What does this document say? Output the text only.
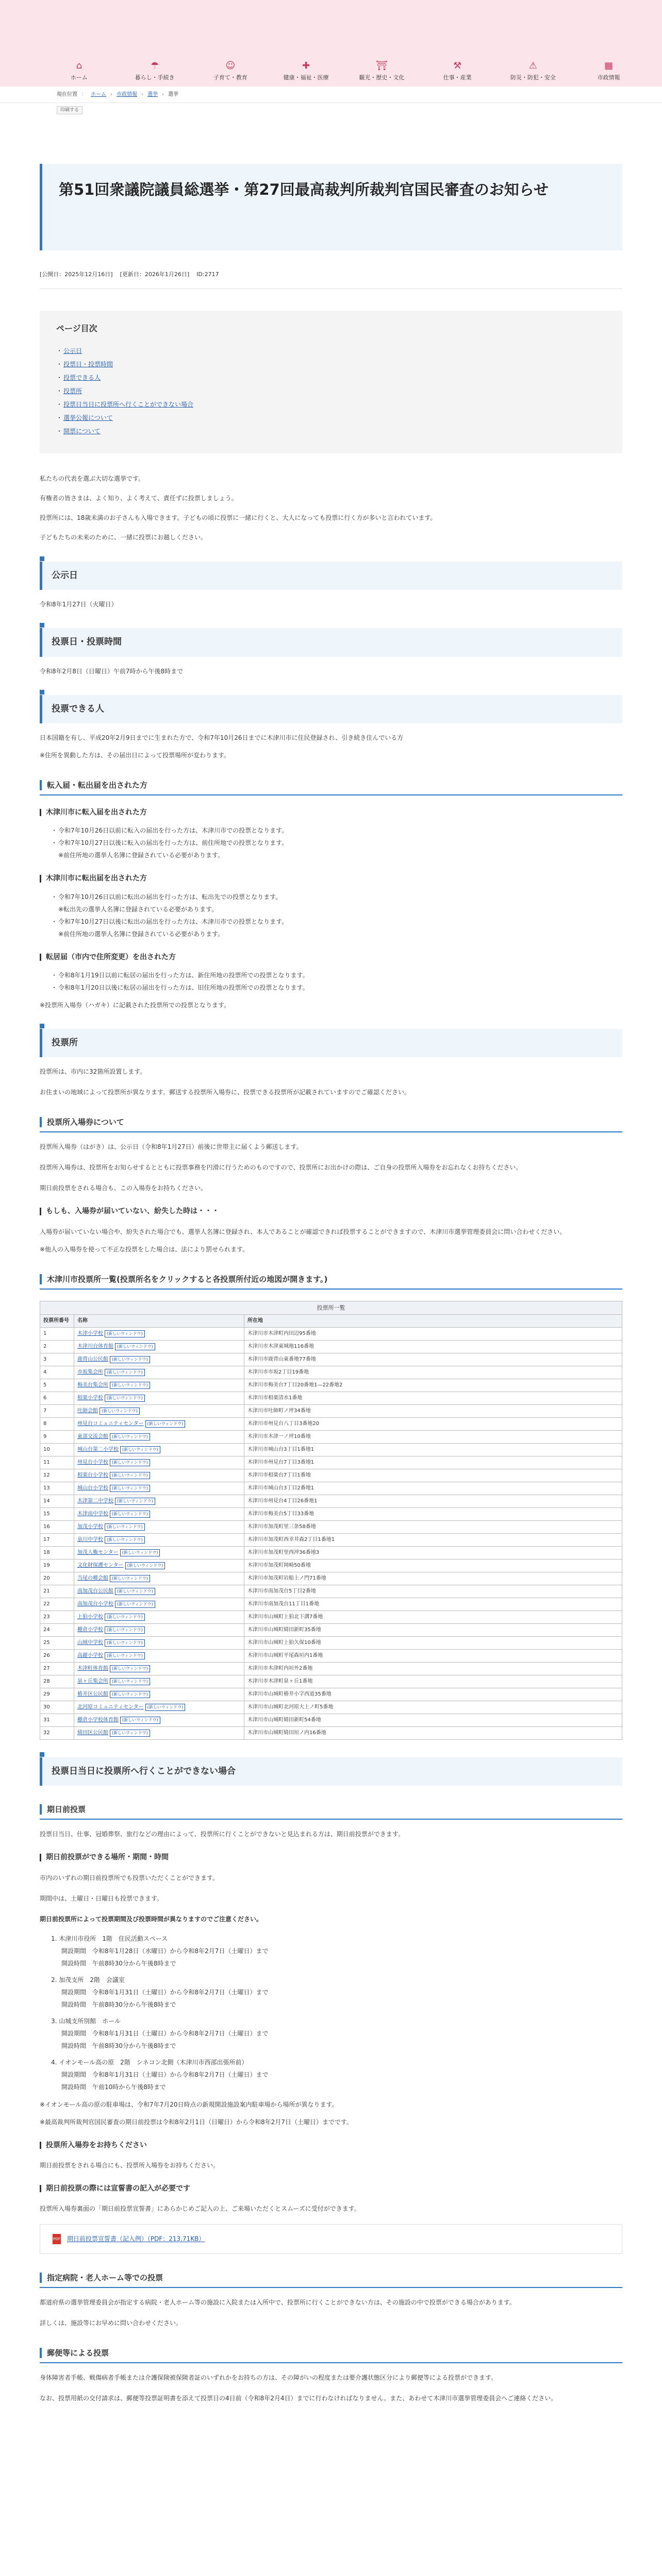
⌂
ホーム
☂
暮らし・手続き
☺
子育て・教育
✚
健康・福祉・医療
⛩
観光・歴史・文化
⚒
仕事・産業
⚠
防災・防犯・安全
▦
市政情報
現在位置 ： ホーム › 市政情報 › 選挙 › 選挙
印刷する
第51回衆議院議員総選挙・第27回最高裁判所裁判官国民審査のお知らせ
[公開日：2025年12月16日] [更新日：2026年1月26日] ID:2717
ページ目次
・ 公示日
・ 投票日・投票時間
・ 投票できる人
・ 投票所
・ 投票日当日に投票所へ行くことができない場合
・ 選挙公報について
・ 開票について

私たちの代表を選ぶ大切な選挙です。

有権者の皆さまは、よく知り、よく考えて、責任ずに投票しましょう。

投票所には、18歳未満のお子さんも入場できます。子どもの頃に投票に一緒に行くと、大人になっても投票に行く方が多いと言われています。

子どもたちの未来のために、一緒に投票にお越しください。

公示日

令和8年1月27日（火曜日）

投票日・投票時間

令和8年2月8日（日曜日）午前7時から午後8時まで

投票できる人

日本国籍を有し、平成20年2月9日までに生まれた方で、令和7年10月26日までに木津川市に住民登録され、引き続き住んでいる方

※住所を異動した方は、その届出日によって投票場所が変わります。

転入届・転出届を出された方
木津川市に転入届を出された方
・ 令和7年10月26日以前に転入の届出を行った方は、木津川市での投票となります。
・ 令和7年10月27日以後に転入の届出を行った方は、前住所地での投票となります。
※前住所地の選挙人名簿に登録されている必要があります。
木津川市に転出届を出された方
・ 令和7年10月26日以前に転出の届出を行った方は、転出先での投票となります。
※転出先の選挙人名簿に登録されている必要があります。
・ 令和7年10月27日以後に転出の届出を行った方は、木津川市での投票となります。
※前住所地の選挙人名簿に登録されている必要があります。
転居届（市内で住所変更）を出された方
・ 令和8年1月19日以前に転居の届出を行った方は、新住所地の投票所での投票となります。
・ 令和8年1月20日以後に転居の届出を行った方は、旧住所地の投票所での投票となります。

※投票所入場券（ハガキ）に記載された投票所での投票となります。

投票所

投票所は、市内に32箇所設置します。

お住まいの地域によって投票所が異なります。郵送する投票所入場券に、投票できる投票所が記載されていますのでご確認ください。

投票所入場券について

投票所入場券（はがき）は、公示日（令和8年1月27日）前後に世帯主に届くよう郵送します。

投票所入場券は、投票所をお知らせするとともに投票事務を円滑に行うためのものですので、投票所にお出かけの際は、ご自身の投票所入場券をお忘れなくお持ちください。

期日前投票をされる場合も、この入場券をお持ちください。

もしも、入場券が届いていない、紛失した時は・・・

入場券が届いていない場合や、紛失された場合でも、選挙人名簿に登録され、本人であることが確認できれば投票することができますので、木津川市選挙管理委員会に問い合わせください。

※他人の入場券を使って不正な投票をした場合は、法により罰せられます。

木津川市投票所一覧(投票所名をクリックすると各投票所付近の地図が開きます。)
投票所一覧
投票所番号	名称	所在地
1	木津小学校 (新しいウィンドウ)	木津川市木津町内田辺95番地
2	木津川台体育館 (新しいウィンドウ)	木津川市木津東城地116番地
3	鹿背山公民館 (新しいウィンドウ)	木津川市鹿背山東番地77番地
4	市坂集会所 (新しいウィンドウ)	木津川市市坂2丁目19番地
5	梅美台集会所 (新しいウィンドウ)	木津川市梅美台7丁目20番地1—22番地2
6	相楽小学校 (新しいウィンドウ)	木津川市相楽清水1番地
7	吐師会館 (新しいウィンドウ)	木津川市吐師町ノ坪34番地
8	州見台コミュニティセンター (新しいウィンドウ)	木津川市州見台八丁目3番地20
9	東部交流会館 (新しいウィンドウ)	木津川市木津一ノ坪10番地
10	城山台第二小学校 (新しいウィンドウ)	木津川市城山台3丁目1番地1
11	州見台小学校 (新しいウィンドウ)	木津川市州見台7丁目3番地1
12	相楽台小学校 (新しいウィンドウ)	木津川市相楽台7丁目1番地
13	城山台小学校 (新しいウィンドウ)	木津川市城山台3丁目2番地1
14	木津第二中学校 (新しいウィンドウ)	木津川市州見台4丁目26番地1
15	木津南中学校 (新しいウィンドウ)	木津川市梅美台5丁目33番地
16	加茂小学校 (新しいウィンドウ)	木津川市加茂町里三条58番地
17	泉川中学校 (新しいウィンドウ)	木津川市加茂町西幸井森2丁目1番地1
18	加茂人権センター (新しいウィンドウ)	木津川市加茂町里西沖36番地3
19	文化財保護センター (新しいウィンドウ)	木津川市加茂町岡崎50番地
20	当尾の郷会館 (新しいウィンドウ)	木津川市加茂町岩船上ノ門71番地
21	南加茂台公民館 (新しいウィンドウ)	木津川市南加茂台5丁目2番地
22	南加茂台小学校 (新しいウィンドウ)	木津川市南加茂台11丁目1番地
23	上狛小学校 (新しいウィンドウ)	木津川市山城町上狛北下溝7番地
24	棚倉小学校 (新しいウィンドウ)	木津川市山城町綺田新町35番地
25	山城中学校 (新しいウィンドウ)	木津川市山城町上狛久保10番地
26	高麗小学校 (新しいウィンドウ)	木津川市山城町平尾森垣内1番地
27	木津町体育館 (新しいウィンドウ)	木津川市木津町内垣外2番地
28	泉ヶ丘集会所 (新しいウィンドウ)	木津川市木津町泉ヶ丘1番地
29	椿井区公民館 (新しいウィンドウ)	木津川市山城町椿井小字西道35番地
30	北河原コミュニティセンター (新しいウィンドウ)	木津川市山城町北河原大上ノ町5番地
31	棚倉小学校体育館 (新しいウィンドウ)	木津川市山城町綺田新町54番地
32	綺田区公民館 (新しいウィンドウ)	木津川市山城町綺田垣ノ内16番地
投票日当日に投票所へ行くことができない場合
期日前投票

投票日当日、仕事、冠婚葬祭、旅行などの理由によって、投票所に行くことができないと見込まれる方は、期日前投票ができます。

期日前投票ができる場所・期間・時間

市内のいずれの期日前投票所でも投票いただくことができます。

期間中は、土曜日・日曜日も投票できます。

期日前投票所によって投票期間及び投票時間が異なりますのでご注意ください。

1. 木津川市役所　1階　住民活動スペース

開設期間　令和8年1月28日（水曜日）から令和8年2月7日（土曜日）まで
開設時間　午前8時30分から午後8時まで
2. 加茂支所　2階　会議室

開設期間　令和8年1月31日（土曜日）から令和8年2月7日（土曜日）まで
開設時間　午前8時30分から午後8時まで
3. 山城支所別館　ホール

開設期間　令和8年1月31日（土曜日）から令和8年2月7日（土曜日）まで
開設時間　午前8時30分から午後8時まで
4. イオンモール高の原　2階　シネコン北側（木津川市西部出張所前）

開設期間　令和8年1月31日（土曜日）から令和8年2月7日（土曜日）まで
開設時間　午前10時から午後8時まで

※イオンモール高の原の駐車場は、令和7年7月20日時点の新規開設施設案内駐車場から場所が異なります。

※最高裁判所裁判官国民審査の期日前投票は令和8年2月1日（日曜日）から令和8年2月7日（土曜日）までです。

投票所入場券をお持ちください

期日前投票をされる場合にも、投票所入場券をお持ちください。

期日前投票の際には宣誓書の記入が必要です

投票所入場券裏面の「期日前投票宣誓書」にあらかじめご記入の上、ご来場いただくとスムーズに受付ができます。

PDF 期日前投票宣誓書（記入例）（PDF：213.71KB）
指定病院・老人ホーム等での投票

都道府県の選挙管理委員会が指定する病院・老人ホーム等の施設に入院または入所中で、投票所に行くことができない方は、その施設の中で投票ができる場合があります。

詳しくは、施設等にお早めに問い合わせください。

郵便等による投票

身体障害者手帳、戦傷病者手帳または介護保険被保険者証のいずれかをお持ちの方は、その障がいの程度または要介護状態区分により郵便等による投票ができます。

なお、投票用紙の交付請求は、郵便等投票証明書を添えて投票日の4日前（令和8年2月4日）までに行わなければなりません。また、あわせて木津川市選挙管理委員会へご連絡ください。
